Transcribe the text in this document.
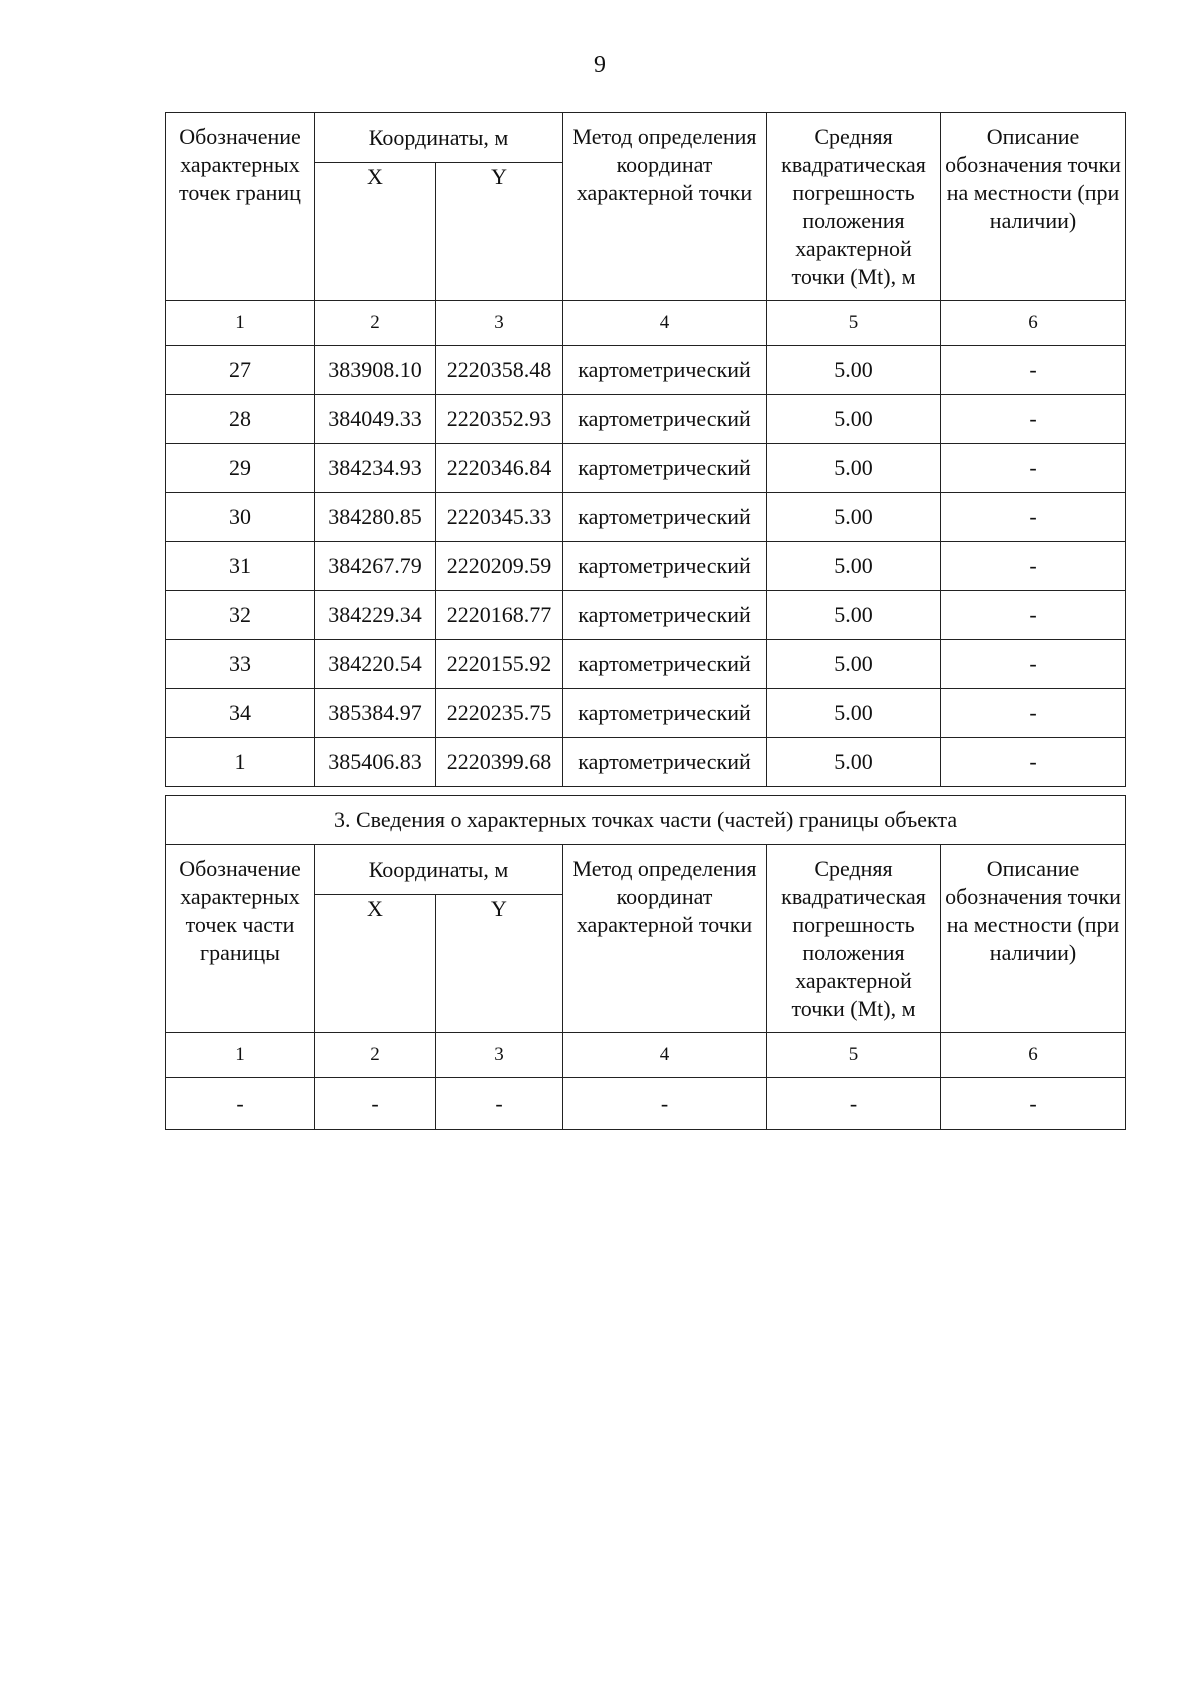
9
Обозначение характерных точек границ	Координаты, м		Метод определения координат характерной точки	Средняя квадратическая погрешность положения характерной точки (Mt), м	Описание обозначения точки на местности (при наличии)
	X	Y			
1	2	3	4	5	6
27	383908.10	2220358.48	картометрический	5.00	-
28	384049.33	2220352.93	картометрический	5.00	-
29	384234.93	2220346.84	картометрический	5.00	-
30	384280.85	2220345.33	картометрический	5.00	-
31	384267.79	2220209.59	картометрический	5.00	-
32	384229.34	2220168.77	картометрический	5.00	-
33	384220.54	2220155.92	картометрический	5.00	-
34	385384.97	2220235.75	картометрический	5.00	-
1	385406.83	2220399.68	картометрический	5.00	-
3. Сведения о характерных точках части (частей) границы объекта					
Обозначение характерных точек части границы	Координаты, м		Метод определения координат характерной точки	Средняя квадратическая погрешность положения характерной точки (Mt), м	Описание обозначения точки на местности (при наличии)
	X	Y			
1	2	3	4	5	6
-	-	-	-	-	-
